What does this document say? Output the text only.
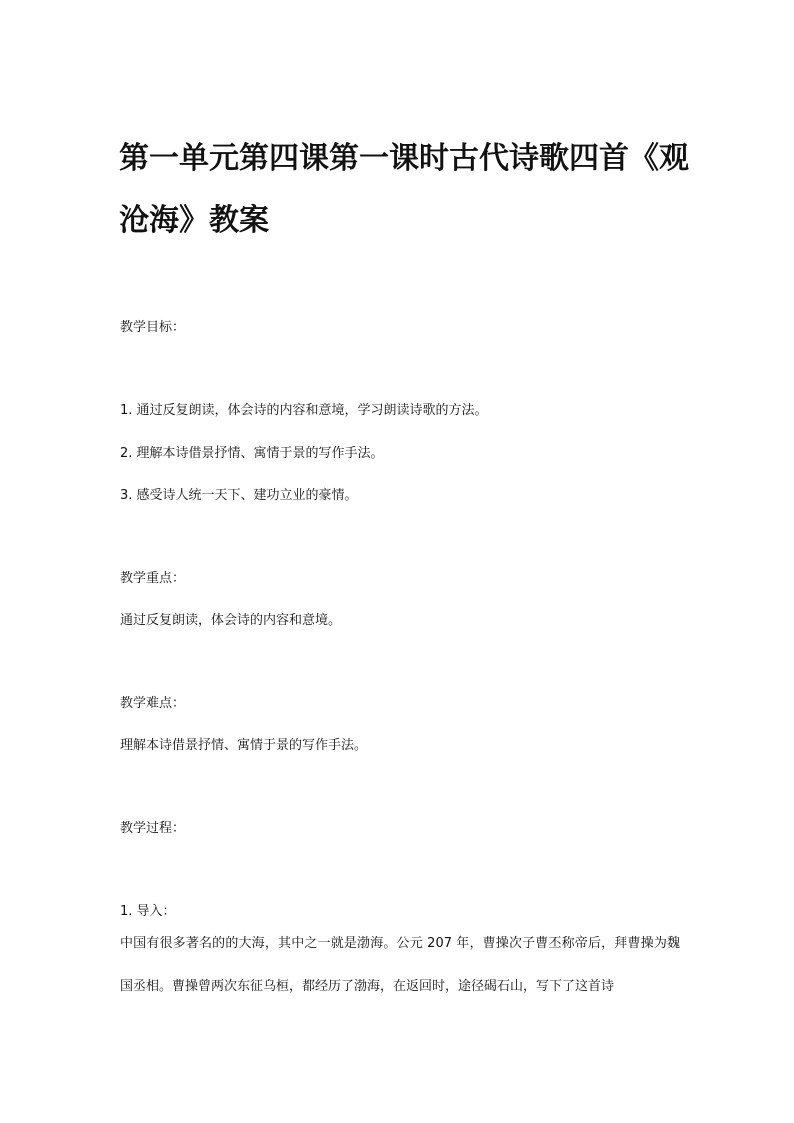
第一单元第四课第一课时古代诗歌四首《观沧海》教案

教学目标：

1. 通过反复朗读，体会诗的内容和意境，学习朗读诗歌的方法。

2. 理解本诗借景抒情、寓情于景的写作手法。

3. 感受诗人统一天下、建功立业的豪情。

教学重点：

通过反复朗读，体会诗的内容和意境。

教学难点：

理解本诗借景抒情、寓情于景的写作手法。

教学过程：

1. 导入：

中国有很多著名的的大海，其中之一就是渤海。公元 207 年，曹操次子曹丕称帝后，拜曹操为魏国丞相。曹操曾两次东征乌桓，都经历了渤海，在返回时，途径碣石山，写下了这首诗
